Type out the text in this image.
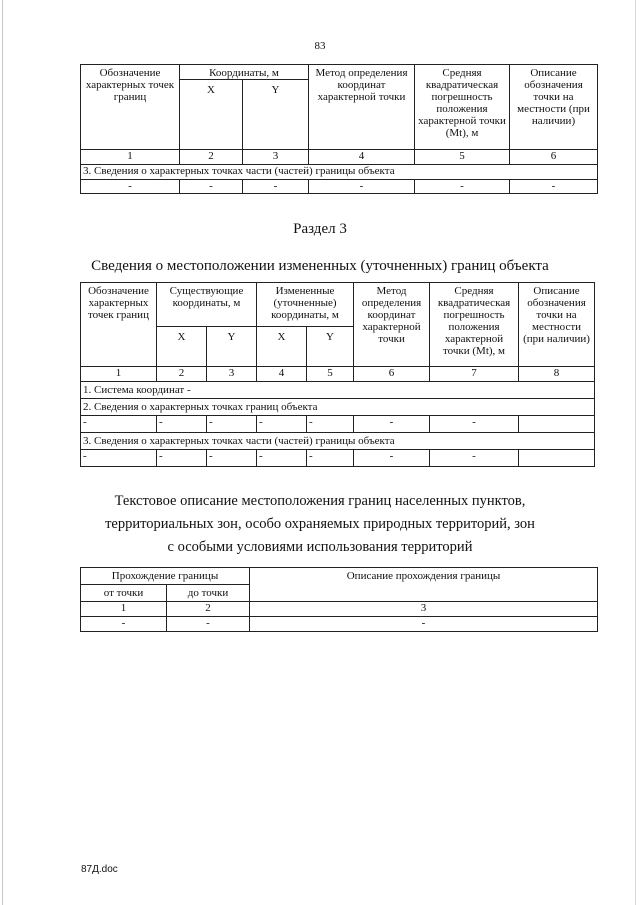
83
Обозначение характерных точек границ	Координаты, м		Метод определения координат характерной точки	Средняя квадратическая погрешность положения характерной точки (Mt), м	Описание обозначения точки на местности (при наличии)
	X	Y			
1	2	3	4	5	6
3. Сведения о характерных точках части (частей) границы объекта					
-	-	-	-	-	-
Раздел 3
Сведения о местоположении измененных (уточненных) границ объекта
Обозначение характерных точек границ	Существующие координаты, м		Измененные (уточненные) координаты, м		Метод определения координат характерной точки	Средняя квадратическая погрешность положения характерной точки (Mt), м	Описание обозначения точки на местности (при наличии)
	X	Y	X	Y			
1	2	3	4	5	6	7	8
1. Система координат -							
2. Сведения о характерных точках границ объекта							
-	-	-	-	-	-	-	
3. Сведения о характерных точках части (частей) границы объекта							
-	-	-	-	-	-	-	
Текстовое описание местоположения границ населенных пунктов,
территориальных зон, особо охраняемых природных территорий, зон
с особыми условиями использования территорий
Прохождение границы		Описание прохождения границы
от точки	до точки	
1	2	3
-	-	-
87Д.doc
